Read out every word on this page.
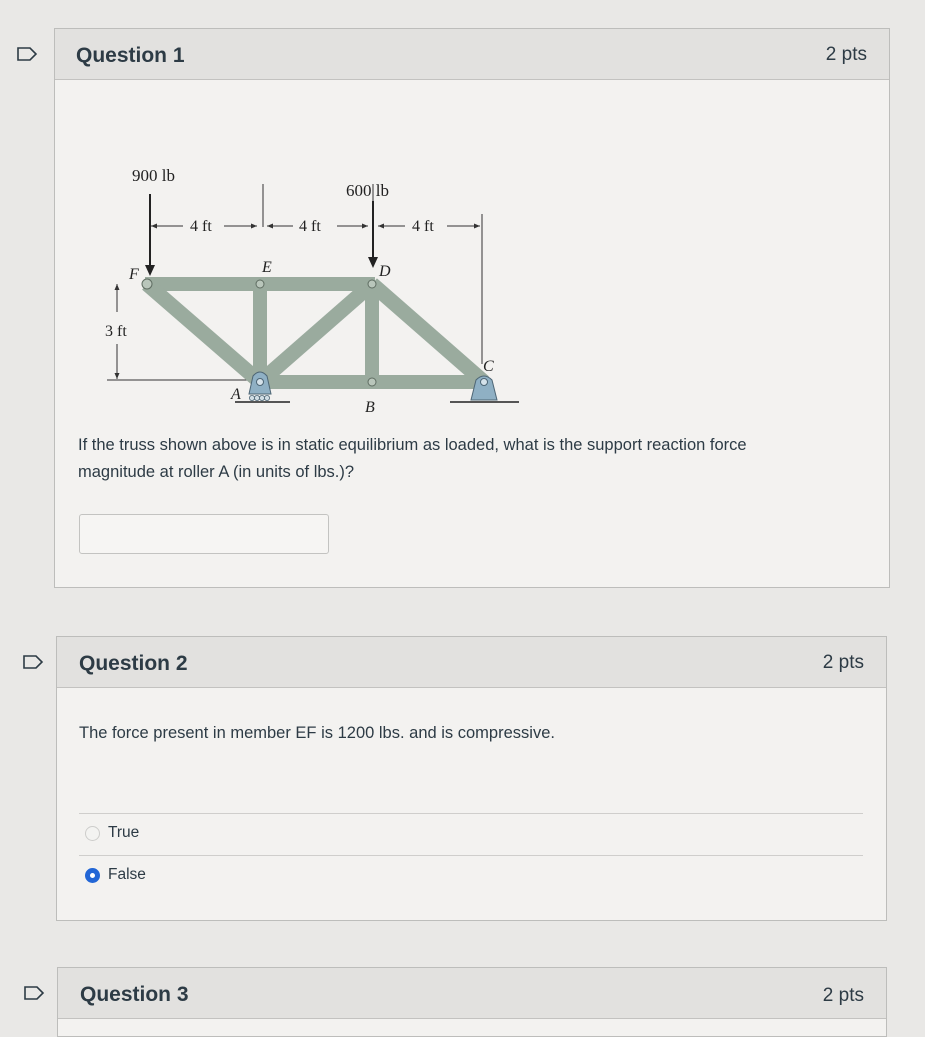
Question 1	2 pts
900 lb
600 lb
4 ft	4 ft	4 ft
3 ft
F	E	D
A
B
C
If the truss shown above is in static equilibrium as loaded, what is the support reaction force magnitude at roller A (in units of lbs.)?
Question 2	2 pts
The force present in member EF is 1200 lbs. and is compressive.
True
False
Question 3	2 pts
